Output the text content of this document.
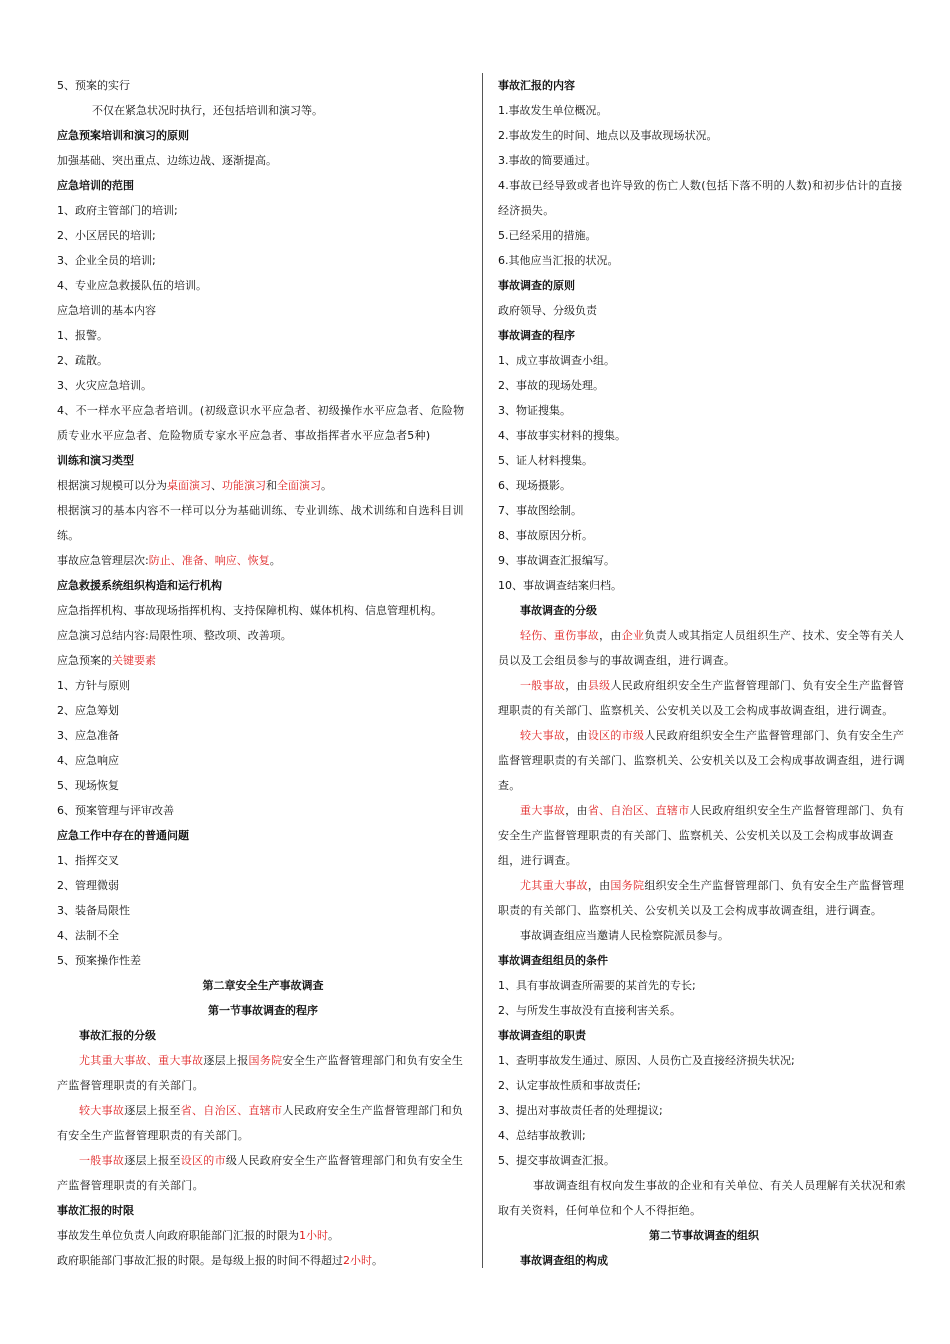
5、预案的实行
不仅在紧急状况时执行，还包括培训和演习等。
应急预案培训和演习的原则
加强基础、突出重点、边练边战、逐渐提高。
应急培训的范围
1、政府主管部门的培训;
2、小区居民的培训;
3、企业全员的培训;
4、专业应急救援队伍的培训。
应急培训的基本内容
1、报警。
2、疏散。
3、火灾应急培训。
4、不一样水平应急者培训。(初级意识水平应急者、初级操作水平应急者、危险物质专业水平应急者、危险物质专家水平应急者、事故指挥者水平应急者5种)
训练和演习类型
根据演习规模可以分为桌面演习、功能演习和全面演习。
根据演习的基本内容不一样可以分为基础训练、专业训练、战术训练和自选科目训练。
事故应急管理层次:防止、准备、响应、恢复。
应急救援系统组织构造和运行机构
应急指挥机构、事故现场指挥机构、支持保障机构、媒体机构、信息管理机构。
应急演习总结内容:局限性项、整改项、改善项。
应急预案的关键要素
1、方针与原则
2、应急筹划
3、应急准备
4、应急响应
5、现场恢复
6、预案管理与评审改善
应急工作中存在的普通问题
1、指挥交叉
2、管理微弱
3、装备局限性
4、法制不全
5、预案操作性差
第二章安全生产事故调查
第一节事故调查的程序
事故汇报的分级
尤其重大事故、重大事故逐层上报国务院安全生产监督管理部门和负有安全生产监督管理职责的有关部门。
较大事故逐层上报至省、自治区、直辖市人民政府安全生产监督管理部门和负有安全生产监督管理职责的有关部门。
一般事故逐层上报至设区的市级人民政府安全生产监督管理部门和负有安全生产监督管理职责的有关部门。
事故汇报的时限
事故发生单位负责人向政府职能部门汇报的时限为1小时。
政府职能部门事故汇报的时限。是每级上报的时间不得超过2小时。
事故汇报的内容
1.事故发生单位概况。
2.事故发生的时间、地点以及事故现场状况。
3.事故的简要通过。
4.事故已经导致或者也许导致的伤亡人数(包括下落不明的人数)和初步估计的直接经济损失。
5.已经采用的措施。
6.其他应当汇报的状况。
事故调查的原则
政府领导、分级负责
事故调查的程序
1、成立事故调查小组。
2、事故的现场处理。
3、物证搜集。
4、事故事实材料的搜集。
5、证人材料搜集。
6、现场摄影。
7、事故图绘制。
8、事故原因分析。
9、事故调查汇报编写。
10、事故调查结案归档。
事故调查的分级
轻伤、重伤事故，由企业负责人或其指定人员组织生产、技术、安全等有关人员以及工会组员参与的事故调查组，进行调查。
一般事故，由县级人民政府组织安全生产监督管理部门、负有安全生产监督管理职责的有关部门、监察机关、公安机关以及工会构成事故调查组，进行调查。
较大事故，由设区的市级人民政府组织安全生产监督管理部门、负有安全生产监督管理职责的有关部门、监察机关、公安机关以及工会构成事故调查组，进行调查。
重大事故，由省、自治区、直辖市人民政府组织安全生产监督管理部门、负有安全生产监督管理职责的有关部门、监察机关、公安机关以及工会构成事故调查组，进行调查。
尤其重大事故，由国务院组织安全生产监督管理部门、负有安全生产监督管理职责的有关部门、监察机关、公安机关以及工会构成事故调查组，进行调查。
事故调查组应当邀请人民检察院派员参与。
事故调查组组员的条件
1、具有事故调查所需要的某首先的专长;
2、与所发生事故没有直接利害关系。
事故调查组的职责
1、查明事故发生通过、原因、人员伤亡及直接经济损失状况;
2、认定事故性质和事故责任;
3、提出对事故责任者的处理提议;
4、总结事故教训;
5、提交事故调查汇报。
事故调查组有权向发生事故的企业和有关单位、有关人员理解有关状况和索取有关资料，任何单位和个人不得拒绝。
第二节事故调查的组织
事故调查组的构成
